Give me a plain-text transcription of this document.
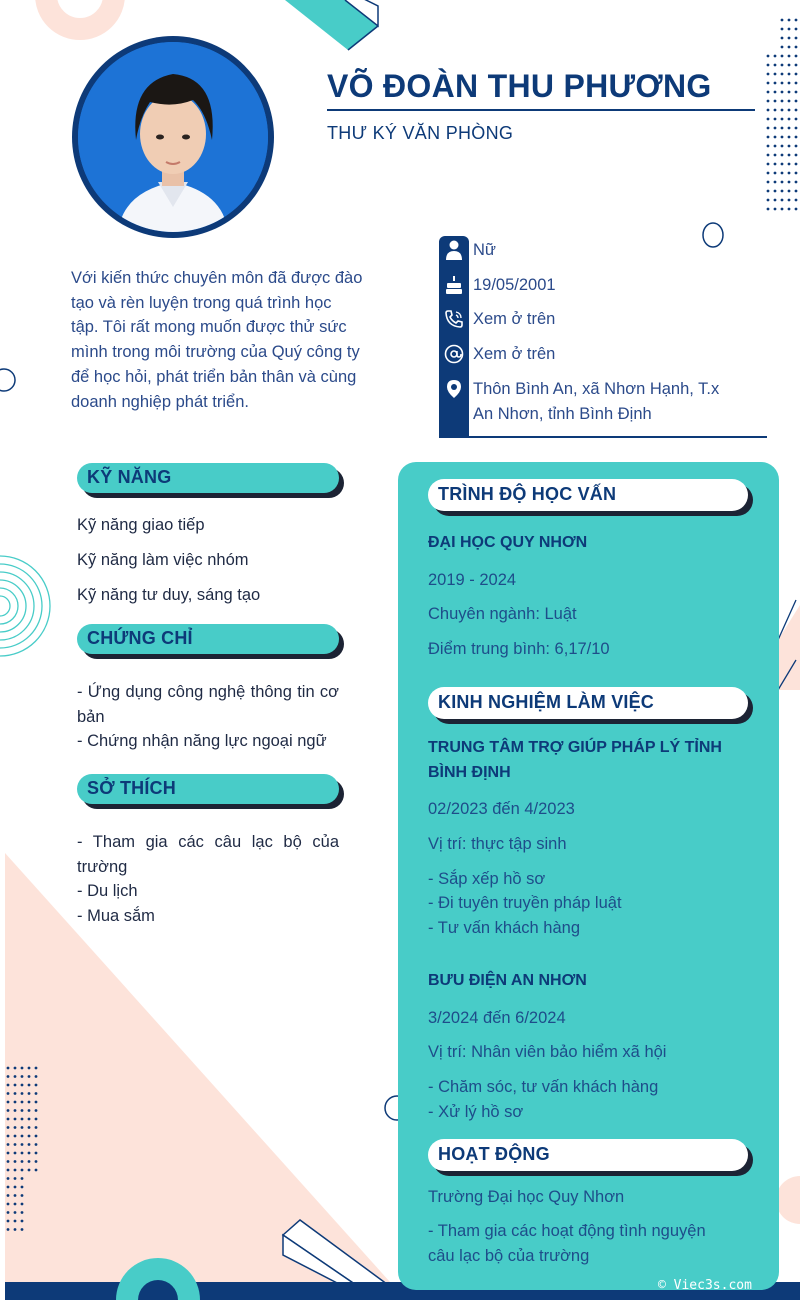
VÕ ĐOÀN THU PHƯƠNG
THƯ KÝ VĂN PHÒNG
Với kiến thức chuyên môn đã được đào tạo và rèn luyện trong quá trình học tập. Tôi rất mong muốn được thử sức mình trong môi trường của Quý công ty để học hỏi, phát triển bản thân và cùng doanh nghiệp phát triển.
Nữ
19/05/2001
Xem ở trên
Xem ở trên
Thôn Bình An, xã Nhơn Hạnh, T.x An Nhơn, tỉnh Bình Định
KỸ NĂNG
Kỹ năng giao tiếp
Kỹ năng làm việc nhóm
Kỹ năng tư duy, sáng tạo
CHỨNG CHỈ
- Ứng dụng công nghệ thông tin cơ bản
- Chứng nhận năng lực ngoại ngữ
SỞ THÍCH
- Tham gia các câu lạc bộ của trường
- Du lịch
- Mua sắm
TRÌNH ĐỘ HỌC VẤN
ĐẠI HỌC QUY NHƠN
2019 - 2024
Chuyên ngành: Luật
Điểm trung bình: 6,17/10
KINH NGHIỆM LÀM VIỆC
TRUNG TÂM TRỢ GIÚP PHÁP LÝ TỈNH BÌNH ĐỊNH
02/2023 đến 4/2023
Vị trí: thực tập sinh
- Sắp xếp hồ sơ
- Đi tuyên truyền pháp luật
- Tư vấn khách hàng
BƯU ĐIỆN AN NHƠN
3/2024 đến 6/2024
Vị trí: Nhân viên bảo hiểm xã hội
- Chăm sóc, tư vấn khách hàng
- Xử lý hồ sơ
HOẠT ĐỘNG
Trường Đại học Quy Nhơn
- Tham gia các hoạt động tình nguyện câu lạc bộ của trường
© Viec3s.com
